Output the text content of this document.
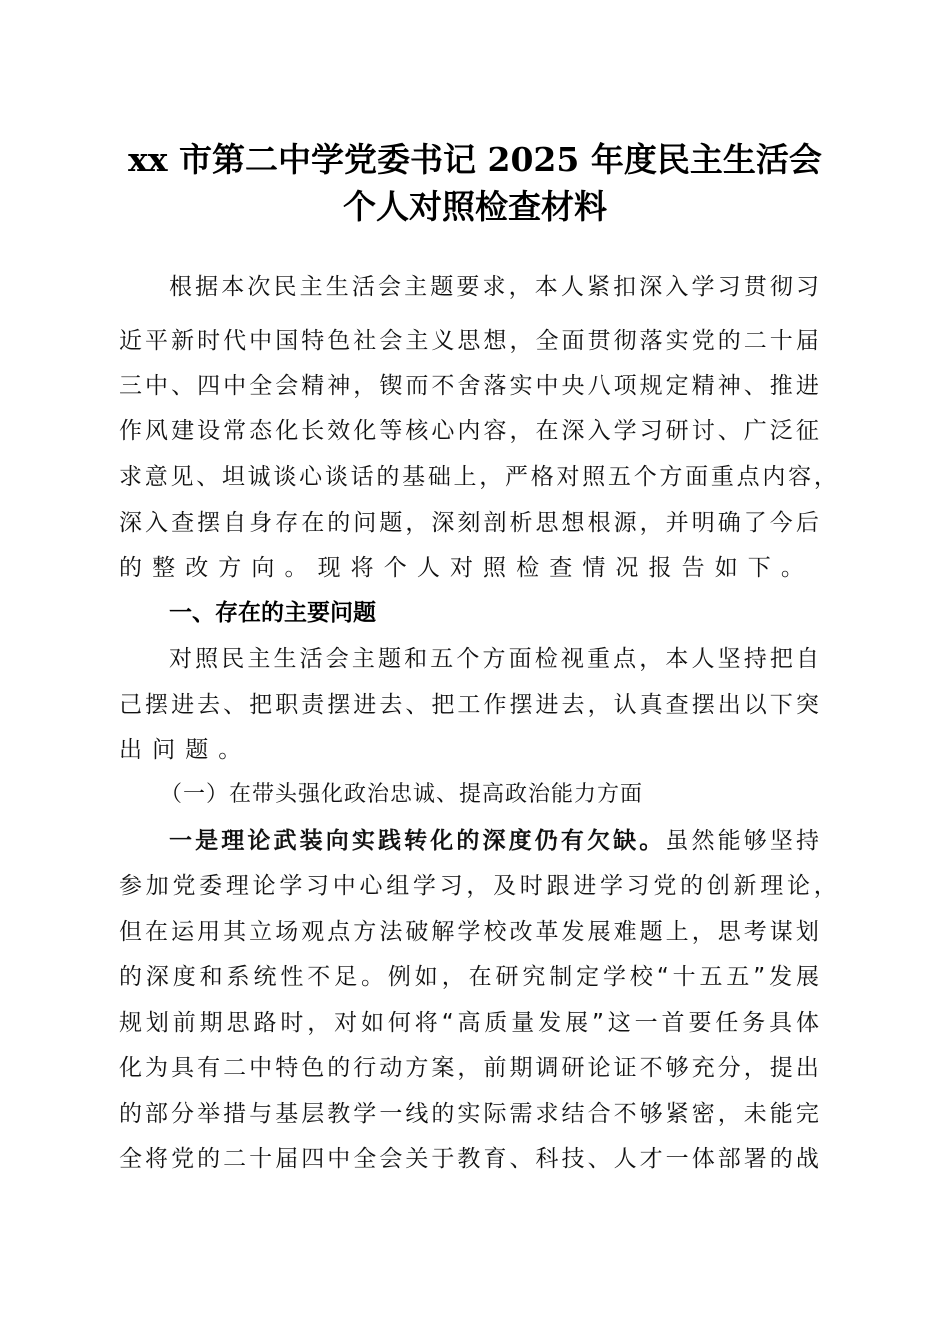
xx 市第二中学党委书记 2025 年度民主生活会
个人对照检查材料
根 据 本 次 民 主 生 活 会 主 题 要 求 ， 本 人 紧 扣 深 入 学 习 贯 彻 习
近 平 新 时 代 中 国 特 色 社 会 主 义 思 想 ， 全 面 贯 彻 落 实 党 的 二 十 届
三 中 、 四 中 全 会 精 神 ， 锲 而 不 舍 落 实 中 央 八 项 规 定 精 神 、 推 进
作 风 建 设 常 态 化 长 效 化 等 核 心 内 容 ， 在 深 入 学 习 研 讨 、 广 泛 征
求 意 见 、 坦 诚 谈 心 谈 话 的 基 础 上 ， 严 格 对 照 五 个 方 面 重 点 内 容 ，
深 入 查 摆 自 身 存 在 的 问 题 ， 深 刻 剖 析 思 想 根 源 ， 并 明 确 了 今 后
的 整 改 方 向 。 现 将 个 人 对 照 检 查 情 况 报 告 如 下 。
一、存在的主要问题
对 照 民 主 生 活 会 主 题 和 五 个 方 面 检 视 重 点 ， 本 人 坚 持 把 自
己 摆 进 去 、 把 职 责 摆 进 去 、 把 工 作 摆 进 去 ， 认 真 查 摆 出 以 下 突
出 问 题 。
（一）在带头强化政治忠诚、提高政治能力方面
一 是 理 论 武 装 向 实 践 转 化 的 深 度 仍 有 欠 缺 。 虽 然 能 够 坚 持
参 加 党 委 理 论 学 习 中 心 组 学 习 ， 及 时 跟 进 学 习 党 的 创 新 理 论 ，
但 在 运 用 其 立 场 观 点 方 法 破 解 学 校 改 革 发 展 难 题 上 ， 思 考 谋 划
的 深 度 和 系 统 性 不 足 。 例 如 ， 在 研 究 制 定 学 校 “ 十 五 五 ” 发 展
规 划 前 期 思 路 时 ， 对 如 何 将 “ 高 质 量 发 展 ” 这 一 首 要 任 务 具 体
化 为 具 有 二 中 特 色 的 行 动 方 案 ， 前 期 调 研 论 证 不 够 充 分 ， 提 出
的 部 分 举 措 与 基 层 教 学 一 线 的 实 际 需 求 结 合 不 够 紧 密 ， 未 能 完
全 将 党 的 二 十 届 四 中 全 会 关 于 教 育 、 科 技 、 人 才 一 体 部 署 的 战
